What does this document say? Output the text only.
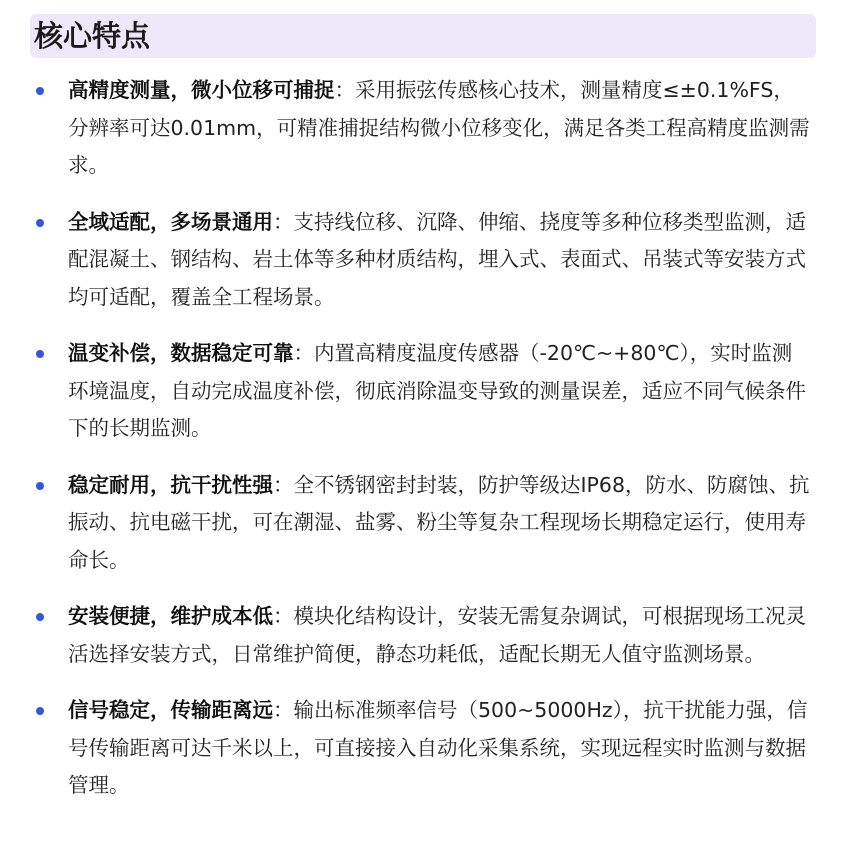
核心特点
高精度测量，微小位移可捕捉：采用振弦传感核心技术，测量精度≤±0.1%FS，分辨率可达0.01mm，可精准捕捉结构微小位移变化，满足各类工程高精度监测需求。
全域适配，多场景通用：支持线位移、沉降、伸缩、挠度等多种位移类型监测，适配混凝土、钢结构、岩土体等多种材质结构，埋入式、表面式、吊装式等安装方式均可适配，覆盖全工程场景。
温变补偿，数据稳定可靠：内置高精度温度传感器（-20℃~+80℃），实时监测环境温度，自动完成温度补偿，彻底消除温变导致的测量误差，适应不同气候条件下的长期监测。
稳定耐用，抗干扰性强：全不锈钢密封封装，防护等级达IP68，防水、防腐蚀、抗振动、抗电磁干扰，可在潮湿、盐雾、粉尘等复杂工程现场长期稳定运行，使用寿命长。
安装便捷，维护成本低：模块化结构设计，安装无需复杂调试，可根据现场工况灵活选择安装方式，日常维护简便，静态功耗低，适配长期无人值守监测场景。
信号稳定，传输距离远：输出标准频率信号（500~5000Hz），抗干扰能力强，信号传输距离可达千米以上，可直接接入自动化采集系统，实现远程实时监测与数据管理。
